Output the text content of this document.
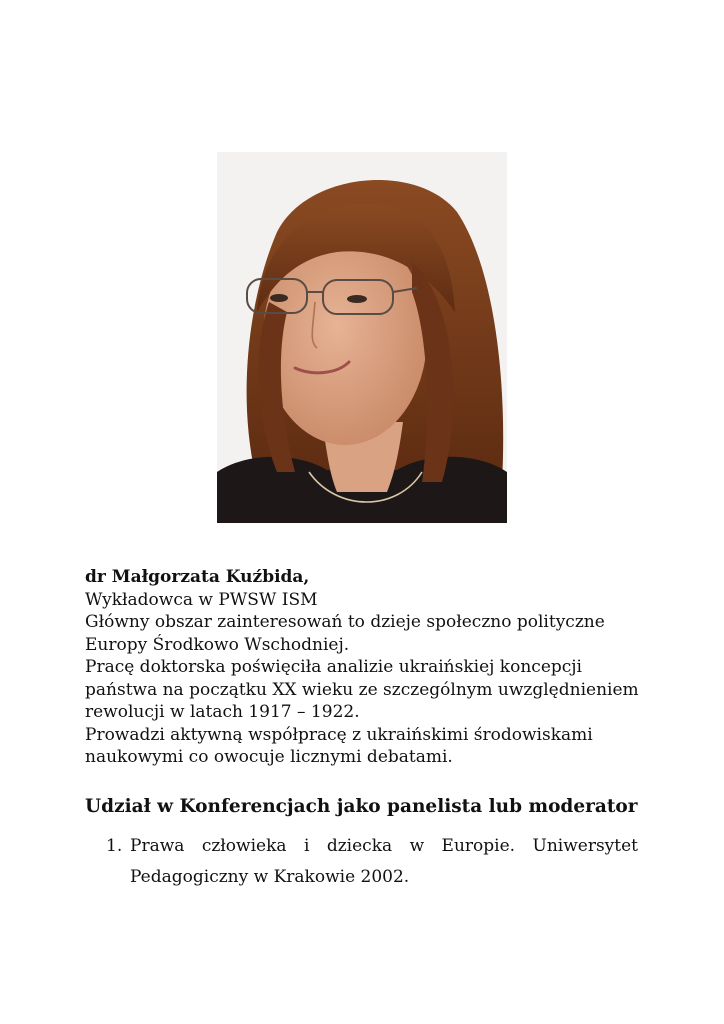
dr Małgorzata Kuźbida,
Wykładowca w PWSW ISM
Główny obszar zainteresowań to dzieje społeczno polityczne
Europy Środkowo Wschodniej.
Pracę doktorska poświęciła analizie ukraińskiej koncepcji
państwa na początku XX wieku ze szczególnym uwzględnieniem
rewolucji w latach 1917 – 1922.
Prowadzi aktywną współpracę z ukraińskimi środowiskami
naukowymi co owocuje licznymi debatami.
Udział w Konferencjach jako panelista lub moderator
1. Prawa człowieka i dziecka w Europie. Uniwersytet
Pedagogiczny w Krakowie 2002.
